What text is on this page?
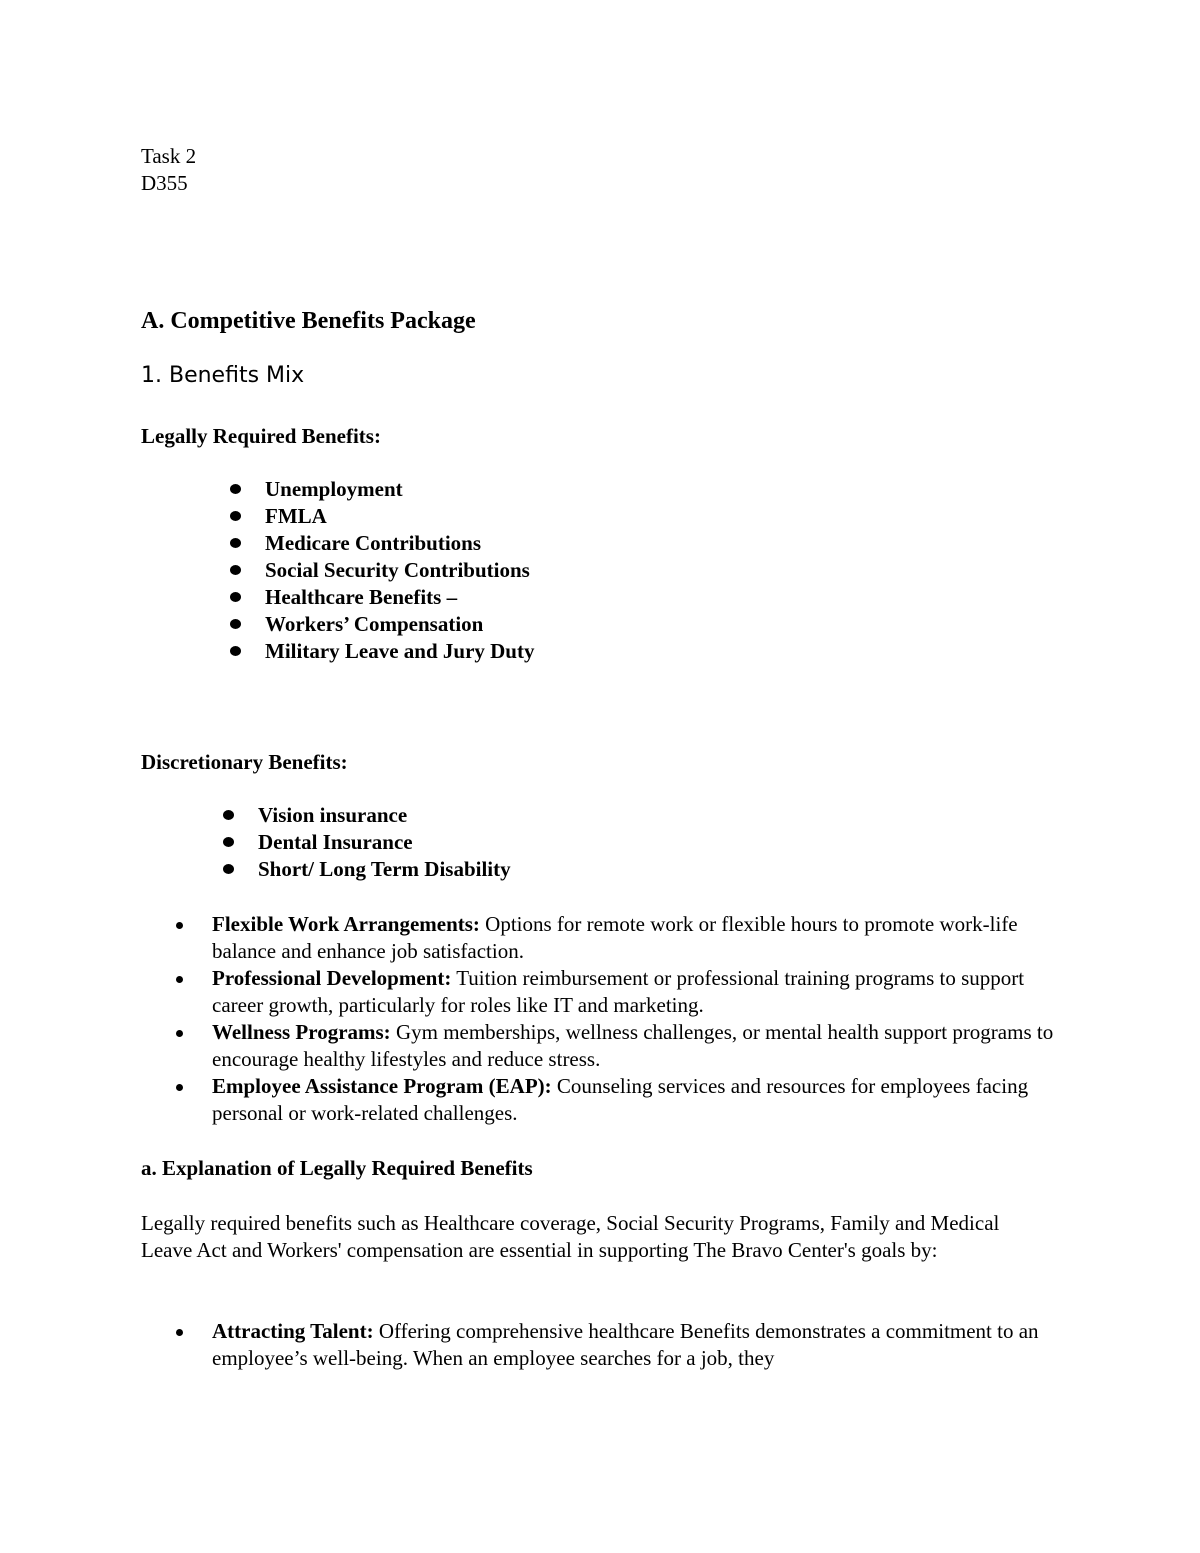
Task 2
D355
A. Competitive Benefits Package
1. Benefits Mix
Legally Required Benefits:
Unemployment
FMLA
Medicare Contributions
Social Security Contributions
Healthcare Benefits –
Workers’ Compensation
Military Leave and Jury Duty
Discretionary Benefits:
Vision insurance
Dental Insurance
Short/ Long Term Disability
Flexible Work Arrangements: Options for remote work or flexible hours to promote work-life balance and enhance job satisfaction.
Professional Development: Tuition reimbursement or professional training programs to support career growth, particularly for roles like IT and marketing.
Wellness Programs: Gym memberships, wellness challenges, or mental health support programs to encourage healthy lifestyles and reduce stress.
Employee Assistance Program (EAP): Counseling services and resources for employees facing personal or work-related challenges.
a. Explanation of Legally Required Benefits
Legally required benefits such as Healthcare coverage, Social Security Programs, Family and Medical Leave Act and Workers' compensation are essential in supporting The Bravo Center's goals by:
Attracting Talent: Offering comprehensive healthcare Benefits demonstrates a commitment to an employee’s well-being. When an employee searches for a job, they
